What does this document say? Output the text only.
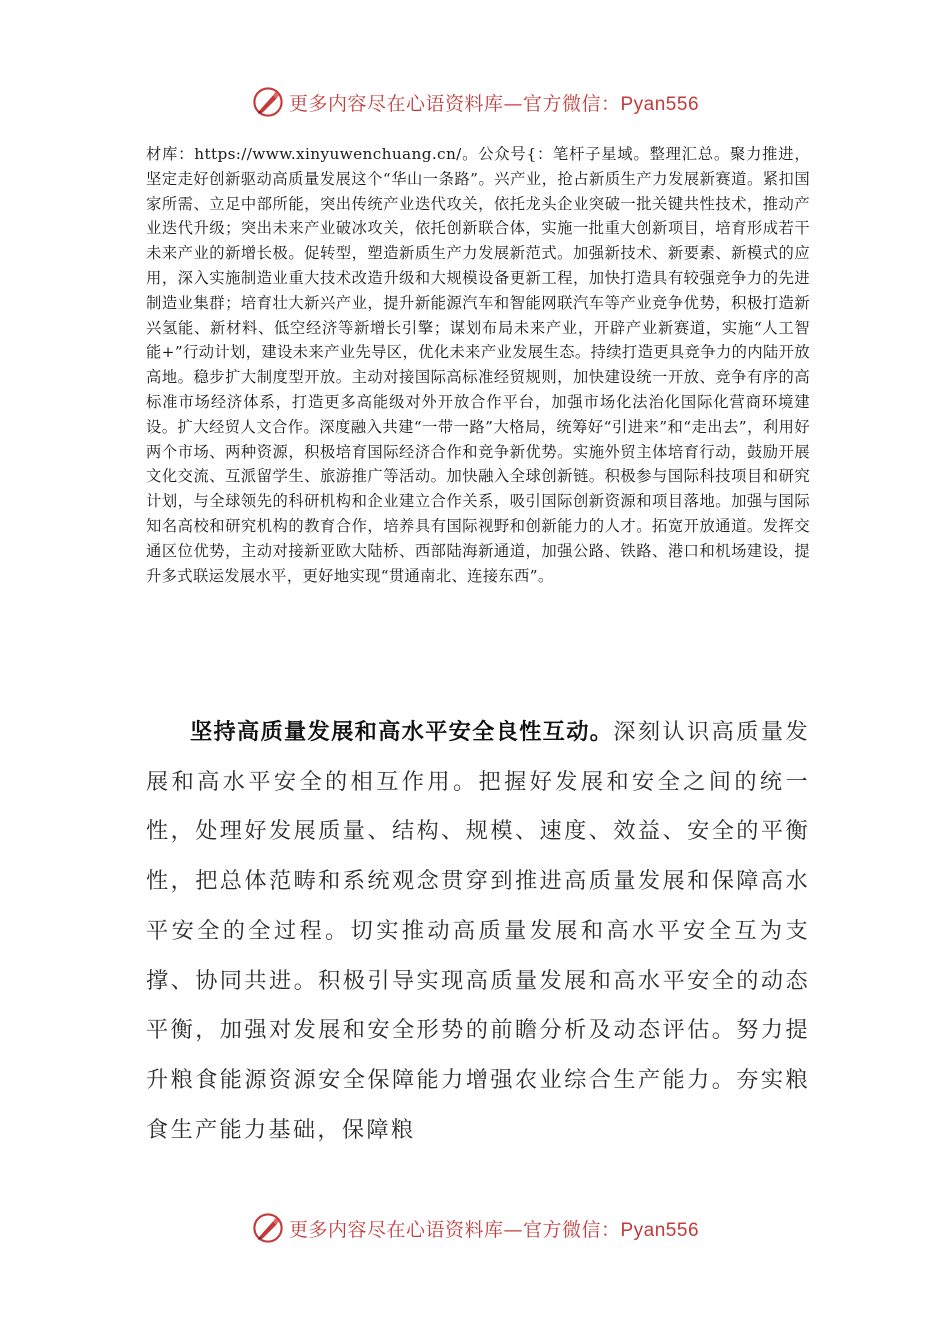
更多内容尽在心语资料库—官方微信：Pyan556

材库：https://www.xinyuwenchuang.cn/。公众号{：笔杆子星域。整理汇总。聚力推进，坚定走好创新驱动高质量发展这个“华山一条路”。兴产业，抢占新质生产力发展新赛道。紧扣国家所需、立足中部所能，突出传统产业迭代攻关，依托龙头企业突破一批关键共性技术，推动产业迭代升级；突出未来产业破冰攻关，依托创新联合体，实施一批重大创新项目，培育形成若干未来产业的新增长极。促转型，塑造新质生产力发展新范式。加强新技术、新要素、新模式的应用，深入实施制造业重大技术改造升级和大规模设备更新工程，加快打造具有较强竞争力的先进制造业集群；培育壮大新兴产业，提升新能源汽车和智能网联汽车等产业竞争优势，积极打造新兴氢能、新材料、低空经济等新增长引擎；谋划布局未来产业，开辟产业新赛道，实施“人工智能+”行动计划，建设未来产业先导区，优化未来产业发展生态。持续打造更具竞争力的内陆开放高地。稳步扩大制度型开放。主动对接国际高标准经贸规则，加快建设统一开放、竞争有序的高标准市场经济体系，打造更多高能级对外开放合作平台，加强市场化法治化国际化营商环境建设。扩大经贸人文合作。深度融入共建“一带一路”大格局，统筹好“引进来”和“走出去”，利用好两个市场、两种资源，积极培育国际经济合作和竞争新优势。实施外贸主体培育行动，鼓励开展文化交流、互派留学生、旅游推广等活动。加快融入全球创新链。积极参与国际科技项目和研究计划，与全球领先的科研机构和企业建立合作关系，吸引国际创新资源和项目落地。加强与国际知名高校和研究机构的教育合作，培养具有国际视野和创新能力的人才。拓宽开放通道。发挥交通区位优势，主动对接新亚欧大陆桥、西部陆海新通道，加强公路、铁路、港口和机场建设，提升多式联运发展水平，更好地实现“贯通南北、连接东西”。

坚持高质量发展和高水平安全良性互动。深刻认识高质量发展和高水平安全的相互作用。把握好发展和安全之间的统一性，处理好发展质量、结构、规模、速度、效益、安全的平衡性，把总体范畴和系统观念贯穿到推进高质量发展和保障高水平安全的全过程。切实推动高质量发展和高水平安全互为支撑、协同共进。积极引导实现高质量发展和高水平安全的动态平衡，加强对发展和安全形势的前瞻分析及动态评估。努力提升粮食能源资源安全保障能力增强农业综合生产能力。夯实粮食生产能力基础，保障粮

更多内容尽在心语资料库—官方微信：Pyan556
